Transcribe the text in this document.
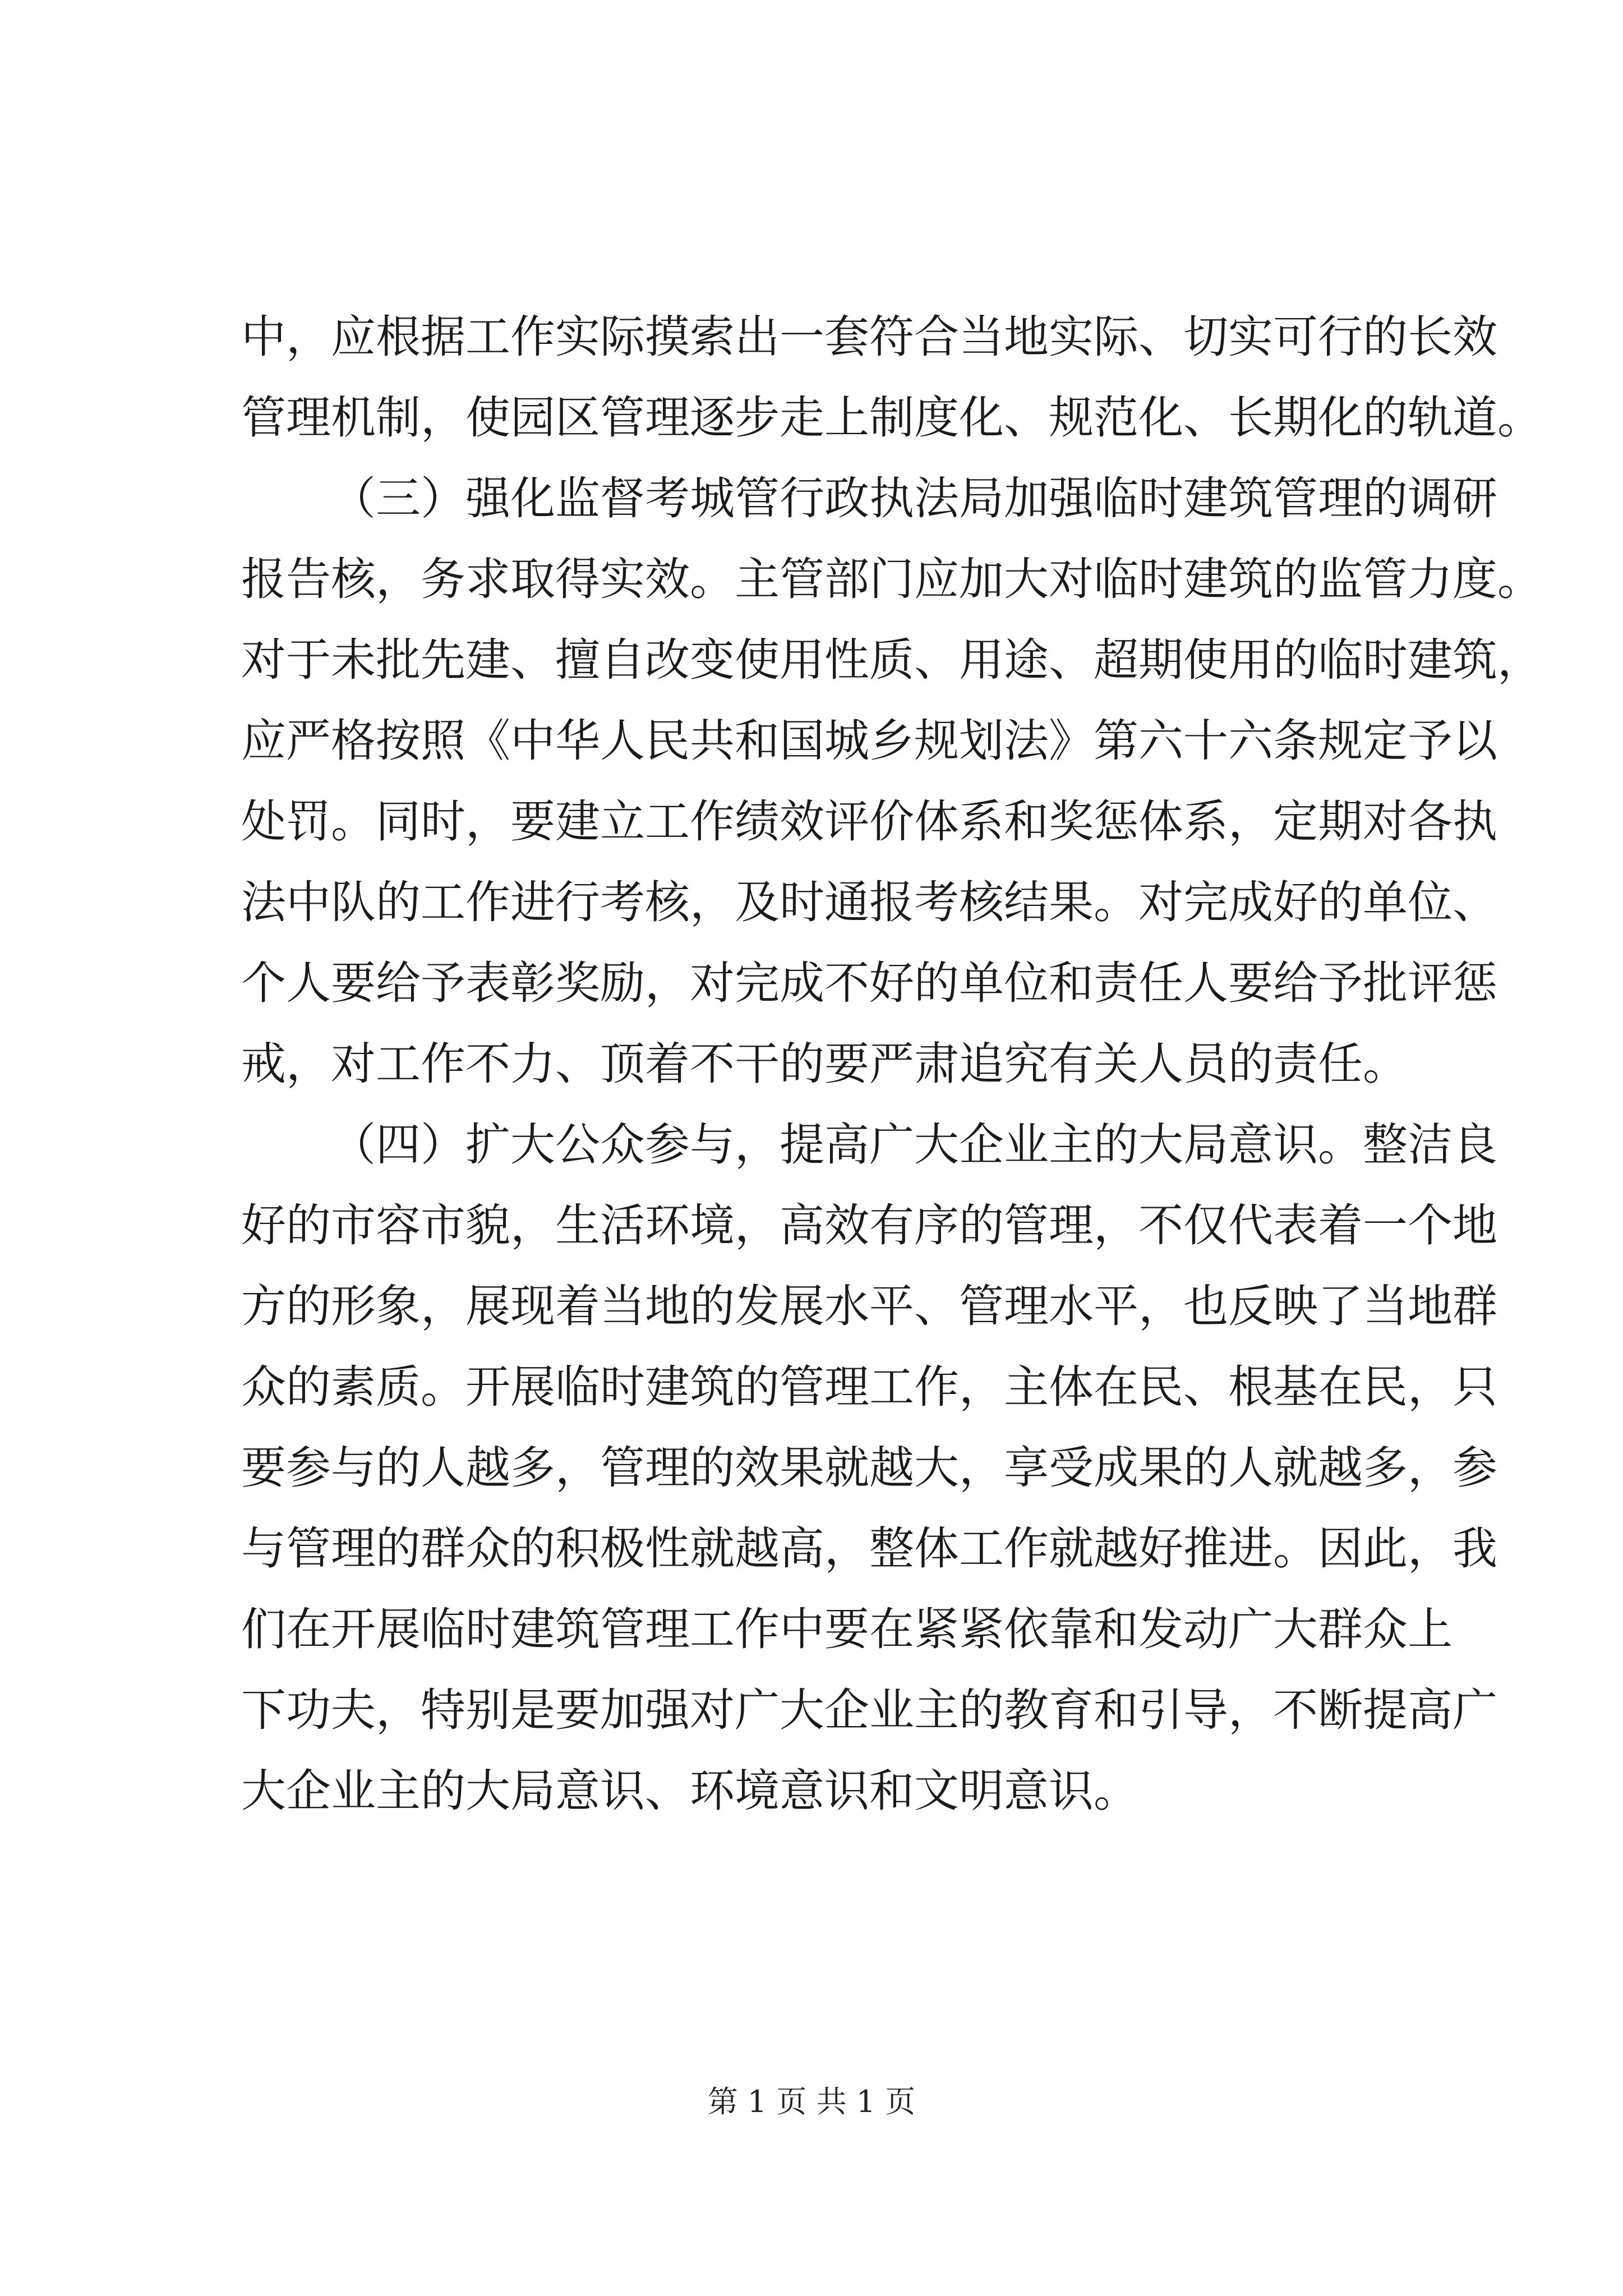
中，应根据工作实际摸索出一套符合当地实际、切实可行的长效
管理机制，使园区管理逐步走上制度化、规范化、长期化的轨道。
（三）强化监督考城管行政执法局加强临时建筑管理的调研
报告核，务求取得实效。主管部门应加大对临时建筑的监管力度。
对于未批先建、擅自改变使用性质、用途、超期使用的临时建筑，
应严格按照《中华人民共和国城乡规划法》第六十六条规定予以
处罚。同时，要建立工作绩效评价体系和奖惩体系，定期对各执
法中队的工作进行考核，及时通报考核结果。对完成好的单位、
个人要给予表彰奖励，对完成不好的单位和责任人要给予批评惩
戒，对工作不力、顶着不干的要严肃追究有关人员的责任。
（四）扩大公众参与，提高广大企业主的大局意识。整洁良
好的市容市貌，生活环境，高效有序的管理，不仅代表着一个地
方的形象，展现着当地的发展水平、管理水平，也反映了当地群
众的素质。开展临时建筑的管理工作，主体在民、根基在民，只
要参与的人越多，管理的效果就越大，享受成果的人就越多，参
与管理的群众的积极性就越高，整体工作就越好推进。因此，我
们在开展临时建筑管理工作中要在紧紧依靠和发动广大群众上
下功夫，特别是要加强对广大企业主的教育和引导，不断提高广
大企业主的大局意识、环境意识和文明意识。
第 1 页 共 1 页
